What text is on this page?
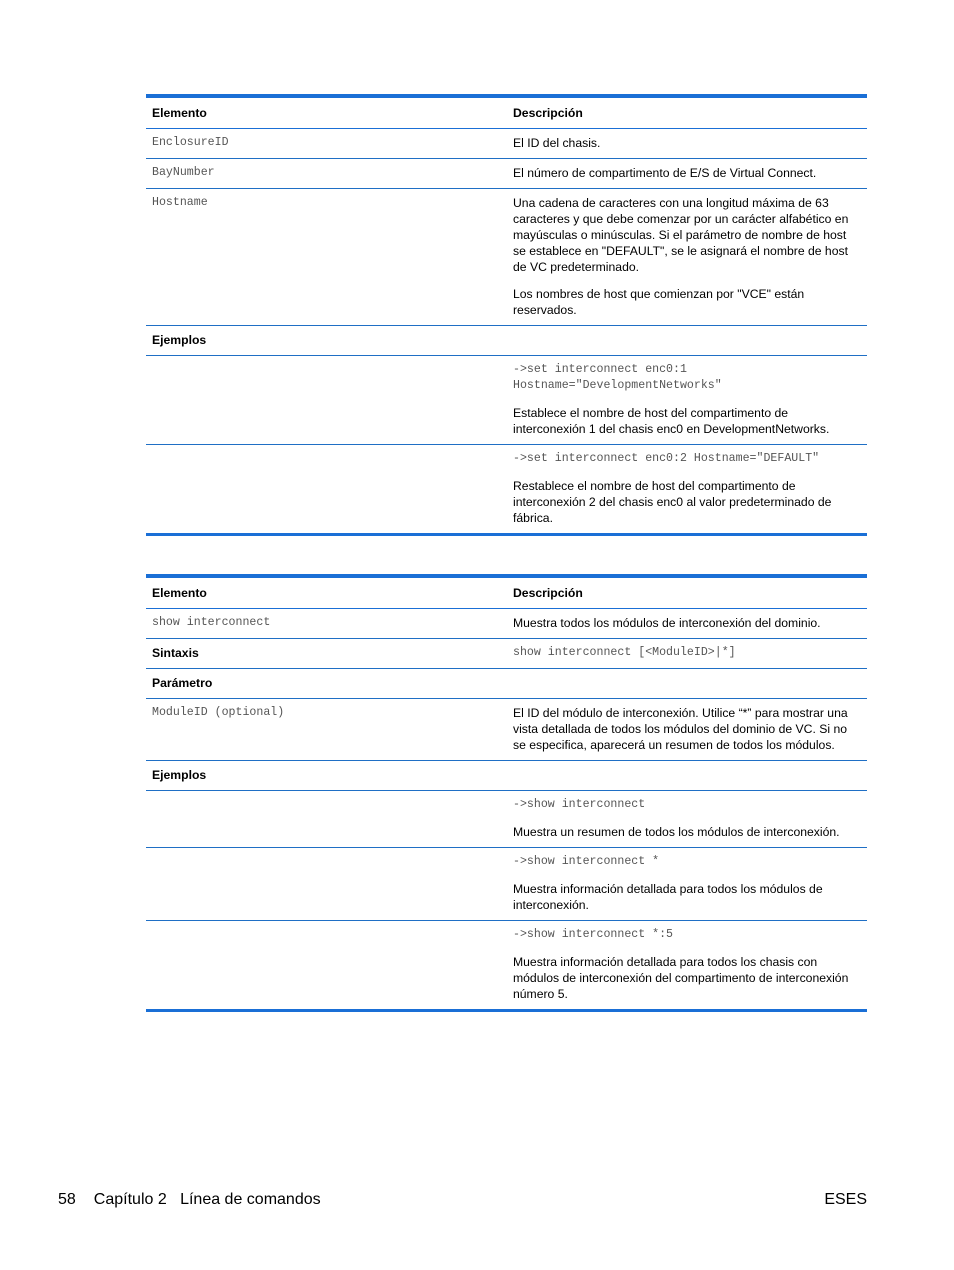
Elemento	Descripción
EnclosureID	El ID del chasis.

BayNumber	El número de compartimento de E/S de Virtual Connect.

Hostname	Una cadena de caracteres con una longitud máxima de 63 caracteres y que debe comenzar por un carácter alfabético en mayúsculas o minúsculas. Si el parámetro de nombre de host se establece en "DEFAULT", se le asignará el nombre de host de VC predeterminado.

Los nombres de host que comienzan por "VCE" están reservados.

Ejemplos	

	->set interconnect enc0:1 Hostname="DevelopmentNetworks"

Establece el nombre de host del compartimento de interconexión 1 del chasis enc0 en DevelopmentNetworks.

	->set interconnect enc0:2 Hostname="DEFAULT"

Restablece el nombre de host del compartimento de interconexión 2 del chasis enc0 al valor predeterminado de fábrica.

Elemento	Descripción
show interconnect	Muestra todos los módulos de interconexión del dominio.
Sintaxis	show interconnect [<ModuleID>|*]
Parámetro	
ModuleID (optional)	El ID del módulo de interconexión. Utilice “*” para mostrar una vista detallada de todos los módulos del dominio de VC. Si no se especifica, aparecerá un resumen de todos los módulos.
Ejemplos	

	->show interconnect

Muestra un resumen de todos los módulos de interconexión.

	->show interconnect *

Muestra información detallada para todos los módulos de interconexión.

	->show interconnect *:5

Muestra información detallada para todos los chasis con módulos de interconexión del compartimento de interconexión número 5.

58 Capítulo 2   Línea de comandos	ESES
